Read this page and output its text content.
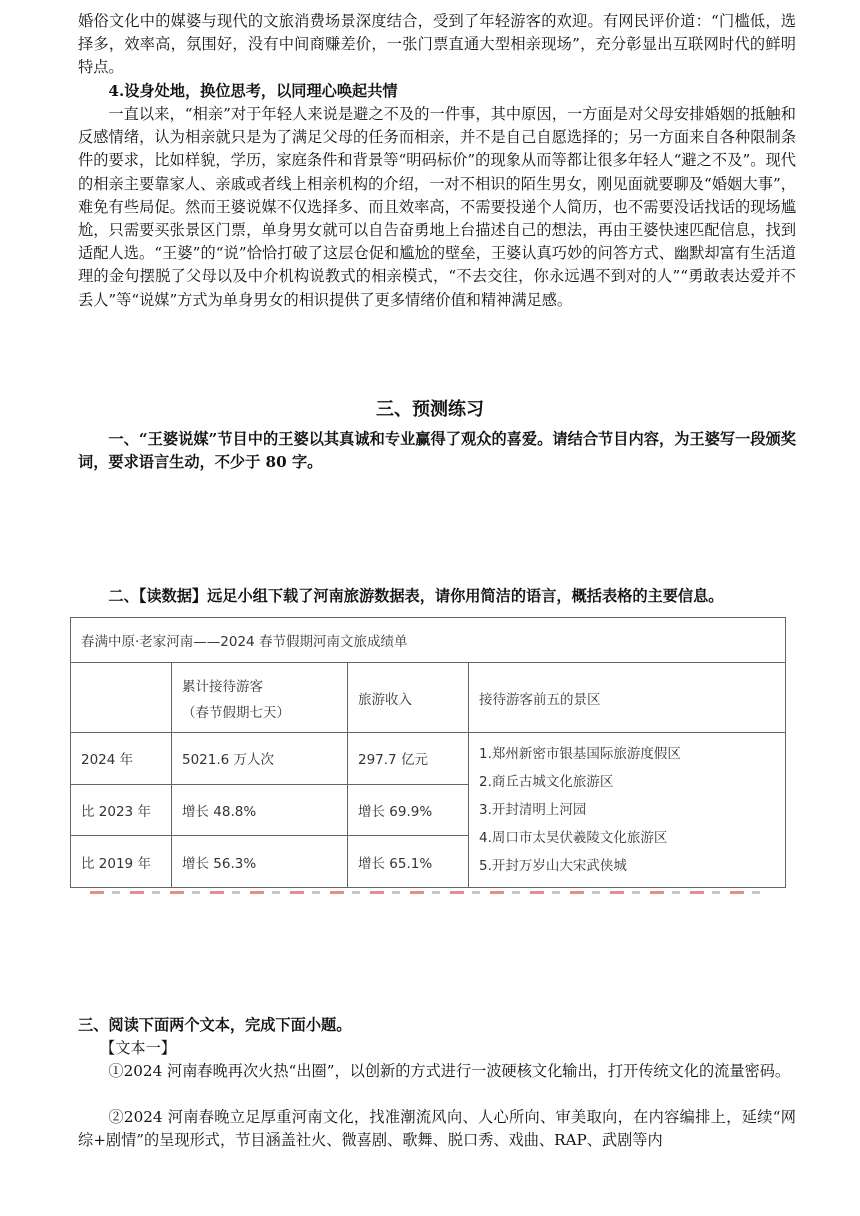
婚俗文化中的媒婆与现代的文旅消费场景深度结合，受到了年轻游客的欢迎。有网民评价道：“门槛低，选择多，效率高，氛围好，没有中间商赚差价，一张门票直通大型相亲现场”，充分彰显出互联网时代的鲜明特点。

4.设身处地，换位思考，以同理心唤起共情

一直以来，“相亲”对于年轻人来说是避之不及的一件事，其中原因，一方面是对父母安排婚姻的抵触和反感情绪，认为相亲就只是为了满足父母的任务而相亲，并不是自己自愿选择的；另一方面来自各种限制条件的要求，比如样貌，学历，家庭条件和背景等“明码标价”的现象从而等都让很多年轻人“避之不及”。现代的相亲主要靠家人、亲戚或者线上相亲机构的介绍，一对不相识的陌生男女，刚见面就要聊及“婚姻大事”，难免有些局促。然而王婆说媒不仅选择多、而且效率高，不需要投递个人简历，也不需要没话找话的现场尴尬，只需要买张景区门票，单身男女就可以自告奋勇地上台描述自己的想法，再由王婆快速匹配信息，找到适配人选。“王婆”的“说”恰恰打破了这层仓促和尴尬的壁垒，王婆认真巧妙的问答方式、幽默却富有生活道理的金句摆脱了父母以及中介机构说教式的相亲模式，“不去交往，你永远遇不到对的人”“勇敢表达爱并不丢人”等“说媒”方式为单身男女的相识提供了更多情绪价值和精神满足感。

三、预测练习

一、“王婆说媒”节目中的王婆以其真诚和专业赢得了观众的喜爱。请结合节目内容，为王婆写一段颁奖词，要求语言生动，不少于 80 字。

二、【读数据】远足小组下载了河南旅游数据表，请你用简洁的语言，概括表格的主要信息。

春满中原·老家河南——2024 春节假期河南文旅成绩单			

	累计接待游客
（春节假期七天）	旅游收入	接待游客前五的景区
2024 年	5021.6 万人次	297.7 亿元	1.郑州新密市银基国际旅游度假区
2.商丘古城文化旅游区
3.开封清明上河园
4.周口市太昊伏羲陵文化旅游区
5.开封万岁山大宋武侠城

比 2023 年	增长 48.8%	增长 69.9%	
比 2019 年	增长 56.3%	增长 65.1%	

三、阅读下面两个文本，完成下面小题。

【文本一】

①2024 河南春晚再次火热“出圈”，以创新的方式进行一波硬核文化输出，打开传统文化的流量密码。

②2024 河南春晚立足厚重河南文化，找准潮流风向、人心所向、审美取向，在内容编排上，延续“网综+剧情”的呈现形式，节目涵盖社火、微喜剧、歌舞、脱口秀、戏曲、RAP、武剧等内
